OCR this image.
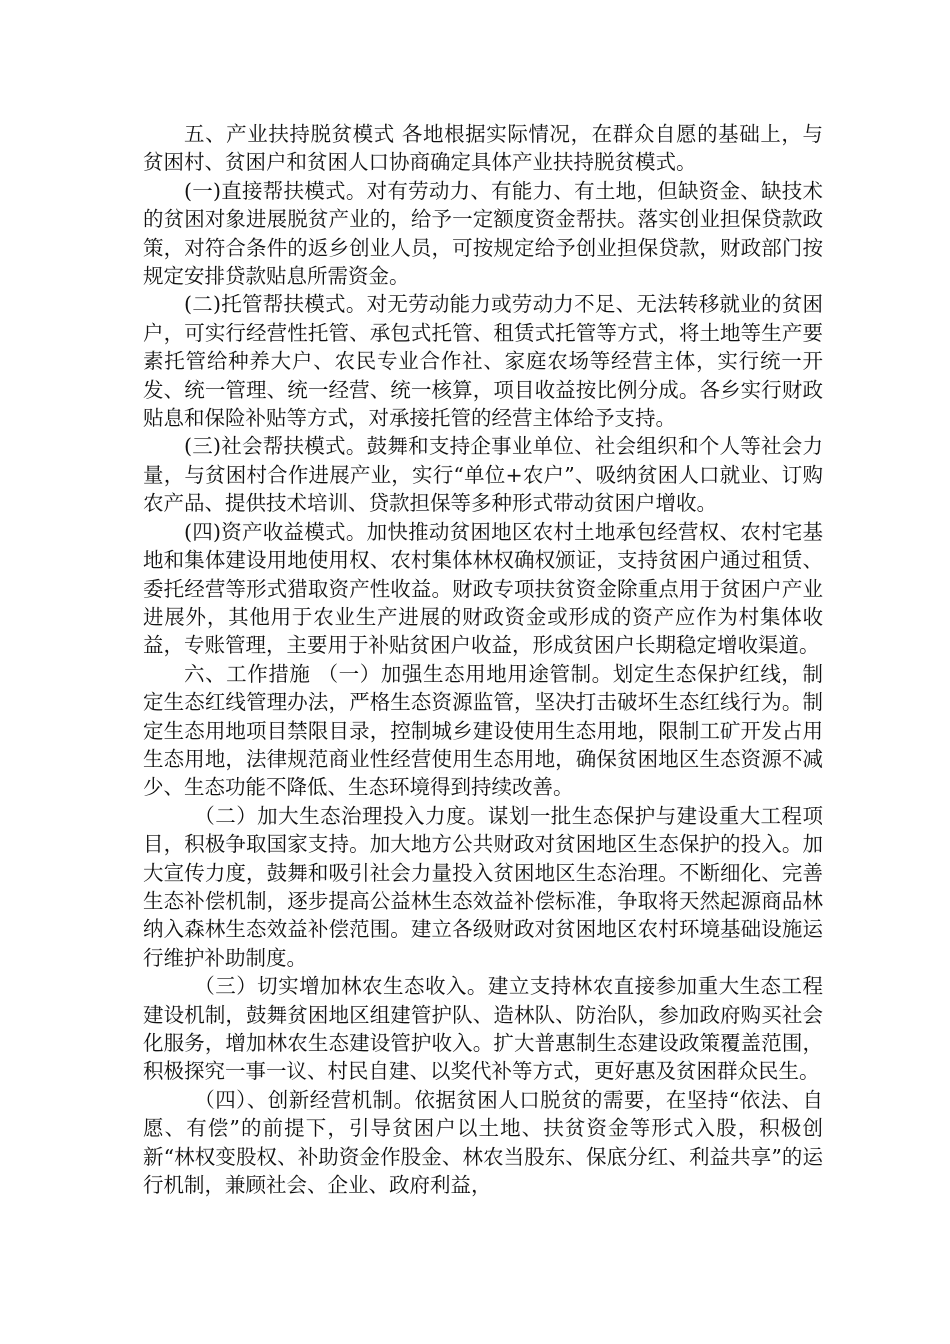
五、产业扶持脱贫模式 各地根据实际情况，在群众自愿的基础上，与贫困村、贫困户和贫困人口协商确定具体产业扶持脱贫模式。

(一)直接帮扶模式。对有劳动力、有能力、有土地，但缺资金、缺技术的贫困对象进展脱贫产业的，给予一定额度资金帮扶。落实创业担保贷款政策，对符合条件的返乡创业人员，可按规定给予创业担保贷款，财政部门按规定安排贷款贴息所需资金。

(二)托管帮扶模式。对无劳动能力或劳动力不足、无法转移就业的贫困户，可实行经营性托管、承包式托管、租赁式托管等方式，将土地等生产要素托管给种养大户、农民专业合作社、家庭农场等经营主体，实行统一开发、统一管理、统一经营、统一核算，项目收益按比例分成。各乡实行财政贴息和保险补贴等方式，对承接托管的经营主体给予支持。

(三)社会帮扶模式。鼓舞和支持企事业单位、社会组织和个人等社会力量，与贫困村合作进展产业，实行“单位+农户”、吸纳贫困人口就业、订购农产品、提供技术培训、贷款担保等多种形式带动贫困户增收。

(四)资产收益模式。加快推动贫困地区农村土地承包经营权、农村宅基地和集体建设用地使用权、农村集体林权确权颁证，支持贫困户通过租赁、委托经营等形式猎取资产性收益。财政专项扶贫资金除重点用于贫困户产业进展外，其他用于农业生产进展的财政资金或形成的资产应作为村集体收益，专账管理，主要用于补贴贫困户收益，形成贫困户长期稳定增收渠道。

六、工作措施 （一）加强生态用地用途管制。划定生态保护红线，制定生态红线管理办法，严格生态资源监管，坚决打击破坏生态红线行为。制定生态用地项目禁限目录，控制城乡建设使用生态用地，限制工矿开发占用生态用地，法律规范商业性经营使用生态用地，确保贫困地区生态资源不减少、生态功能不降低、生态环境得到持续改善。

（二）加大生态治理投入力度。谋划一批生态保护与建设重大工程项目，积极争取国家支持。加大地方公共财政对贫困地区生态保护的投入。加大宣传力度，鼓舞和吸引社会力量投入贫困地区生态治理。不断细化、完善生态补偿机制，逐步提高公益林生态效益补偿标准，争取将天然起源商品林纳入森林生态效益补偿范围。建立各级财政对贫困地区农村环境基础设施运行维护补助制度。

（三）切实增加林农生态收入。建立支持林农直接参加重大生态工程建设机制，鼓舞贫困地区组建管护队、造林队、防治队，参加政府购买社会化服务，增加林农生态建设管护收入。扩大普惠制生态建设政策覆盖范围，积极探究一事一议、村民自建、以奖代补等方式，更好惠及贫困群众民生。

（四）、创新经营机制。依据贫困人口脱贫的需要，在坚持“依法、自愿、有偿”的前提下，引导贫困户以土地、扶贫资金等形式入股，积极创新“林权变股权、补助资金作股金、林农当股东、保底分红、利益共享”的运行机制，兼顾社会、企业、政府利益，
